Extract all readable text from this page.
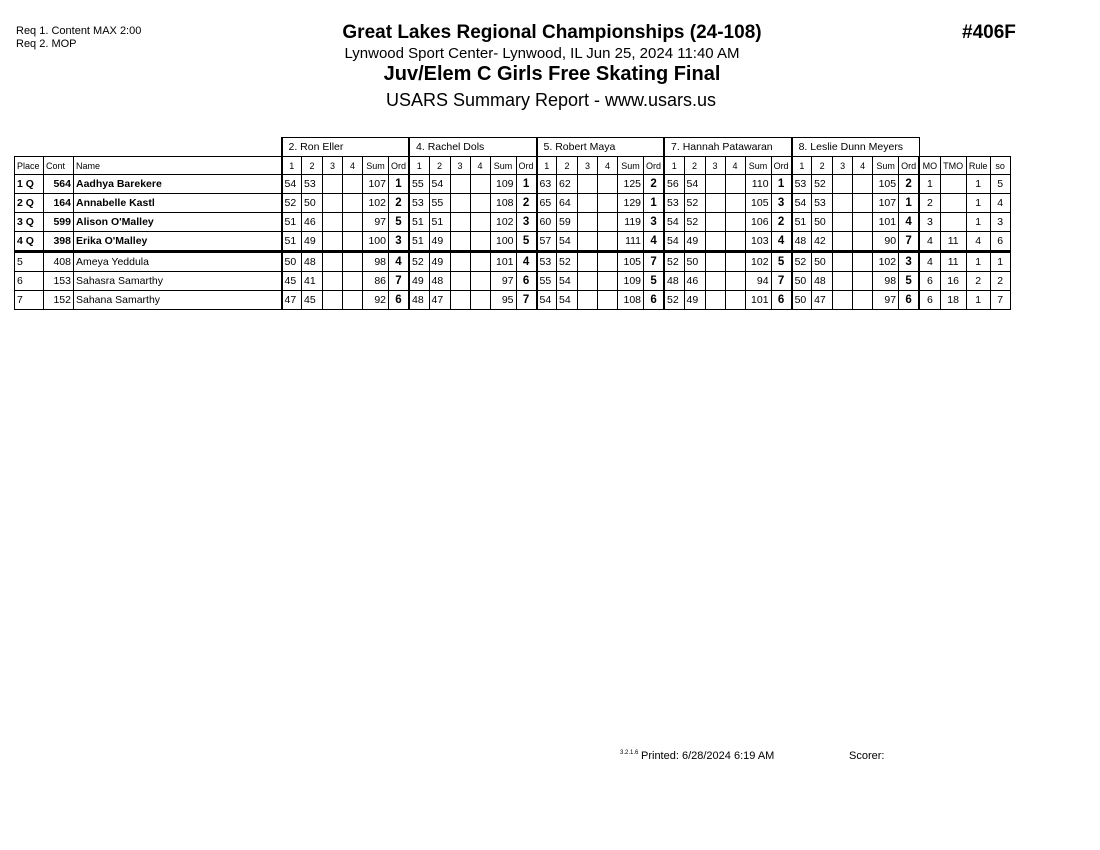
Req 1. Content MAX 2:00
Req 2. MOP
Great Lakes Regional Championships (24-108)
Lynwood Sport Center- Lynwood, IL Jun 25, 2024 11:40 AM
Juv/Elem C Girls Free Skating Final
USARS Summary Report - www.usars.us
#406F
			2. Ron Eller						4. Rachel Dols						5. Robert Maya						7. Hannah Patawaran						8. Leslie Dunn Meyers									
Place	Cont	Name	1	2	3	4	Sum	Ord	1	2	3	4	Sum	Ord	1	2	3	4	Sum	Ord	1	2	3	4	Sum	Ord	1	2	3	4	Sum	Ord	MO	TMO	Rule	so
1 Q	564	Aadhya Barekere	54	53			107	1	55	54			109	1	63	62			125	2	56	54			110	1	53	52			105	2	1		1	5
2 Q	164	Annabelle Kastl	52	50			102	2	53	55			108	2	65	64			129	1	53	52			105	3	54	53			107	1	2		1	4
3 Q	599	Alison O'Malley	51	46			97	5	51	51			102	3	60	59			119	3	54	52			106	2	51	50			101	4	3		1	3
4 Q	398	Erika O'Malley	51	49			100	3	51	49			100	5	57	54			111	4	54	49			103	4	48	42			90	7	4	11	4	6
5	408	Ameya Yeddula	50	48			98	4	52	49			101	4	53	52			105	7	52	50			102	5	52	50			102	3	4	11	1	1
6	153	Sahasra Samarthy	45	41			86	7	49	48			97	6	55	54			109	5	48	46			94	7	50	48			98	5	6	16	2	2
7	152	Sahana Samarthy	47	45			92	6	48	47			95	7	54	54			108	6	52	49			101	6	50	47			97	6	6	18	1	7
3.2.1.6 Printed: 6/28/2024 6:19 AM	Scorer:
